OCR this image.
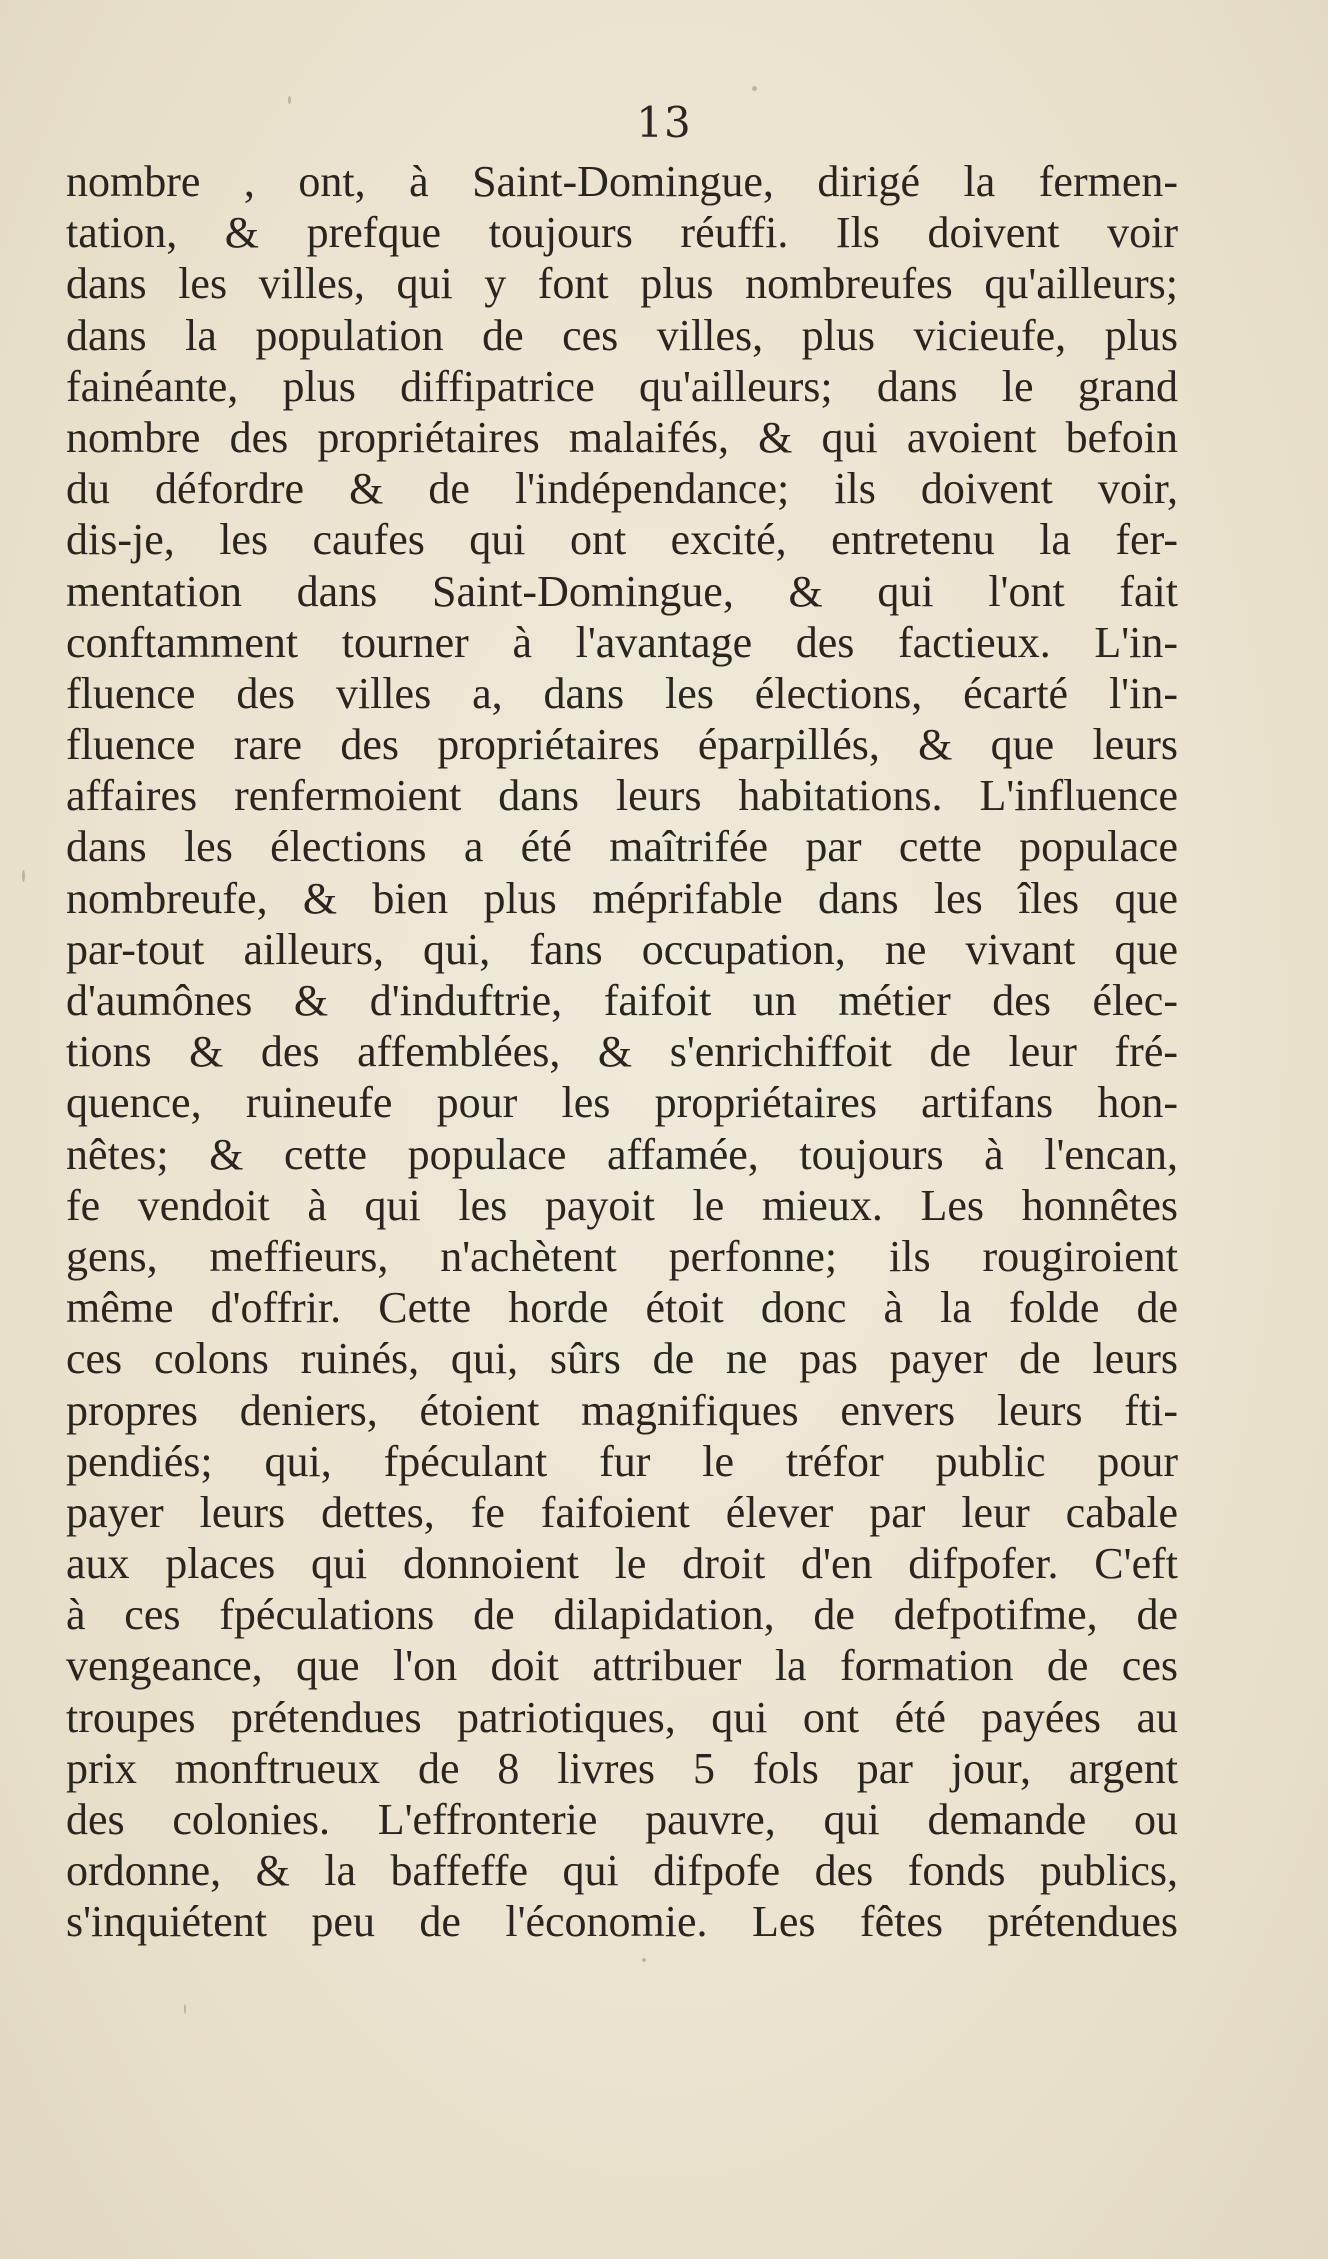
13
nombre , ont, à Saint-Domingue, dirigé la fermen-
tation, & prefque toujours réuffi. Ils doivent voir
dans les villes, qui y font plus nombreufes qu'ailleurs;
dans la population de ces villes, plus vicieufe, plus
fainéante, plus diffipatrice qu'ailleurs; dans le grand
nombre des propriétaires malaifés, & qui avoient befoin
du défordre & de l'indépendance; ils doivent voir,
dis-je, les caufes qui ont excité, entretenu la fer-
mentation dans Saint-Domingue, & qui l'ont fait
conftamment tourner à l'avantage des factieux. L'in-
fluence des villes a, dans les élections, écarté l'in-
fluence rare des propriétaires éparpillés, & que leurs
affaires renfermoient dans leurs habitations. L'influence
dans les élections a été maîtrifée par cette populace
nombreufe, & bien plus méprifable dans les îles que
par-tout ailleurs, qui, fans occupation, ne vivant que
d'aumônes & d'induftrie, faifoit un métier des élec-
tions & des affemblées, & s'enrichiffoit de leur fré-
quence, ruineufe pour les propriétaires artifans hon-
nêtes; & cette populace affamée, toujours à l'encan,
fe vendoit à qui les payoit le mieux. Les honnêtes
gens, meffieurs, n'achètent perfonne; ils rougiroient
même d'offrir. Cette horde étoit donc à la folde de
ces colons ruinés, qui, sûrs de ne pas payer de leurs
propres deniers, étoient magnifiques envers leurs fti-
pendiés; qui, fpéculant fur le tréfor public pour
payer leurs dettes, fe faifoient élever par leur cabale
aux places qui donnoient le droit d'en difpofer. C'eft
à ces fpéculations de dilapidation, de defpotifme, de
vengeance, que l'on doit attribuer la formation de ces
troupes prétendues patriotiques, qui ont été payées au
prix monftrueux de 8 livres 5 fols par jour, argent
des colonies. L'effronterie pauvre, qui demande ou
ordonne, & la baffeffe qui difpofe des fonds publics,
s'inquiétent peu de l'économie. Les fêtes prétendues
